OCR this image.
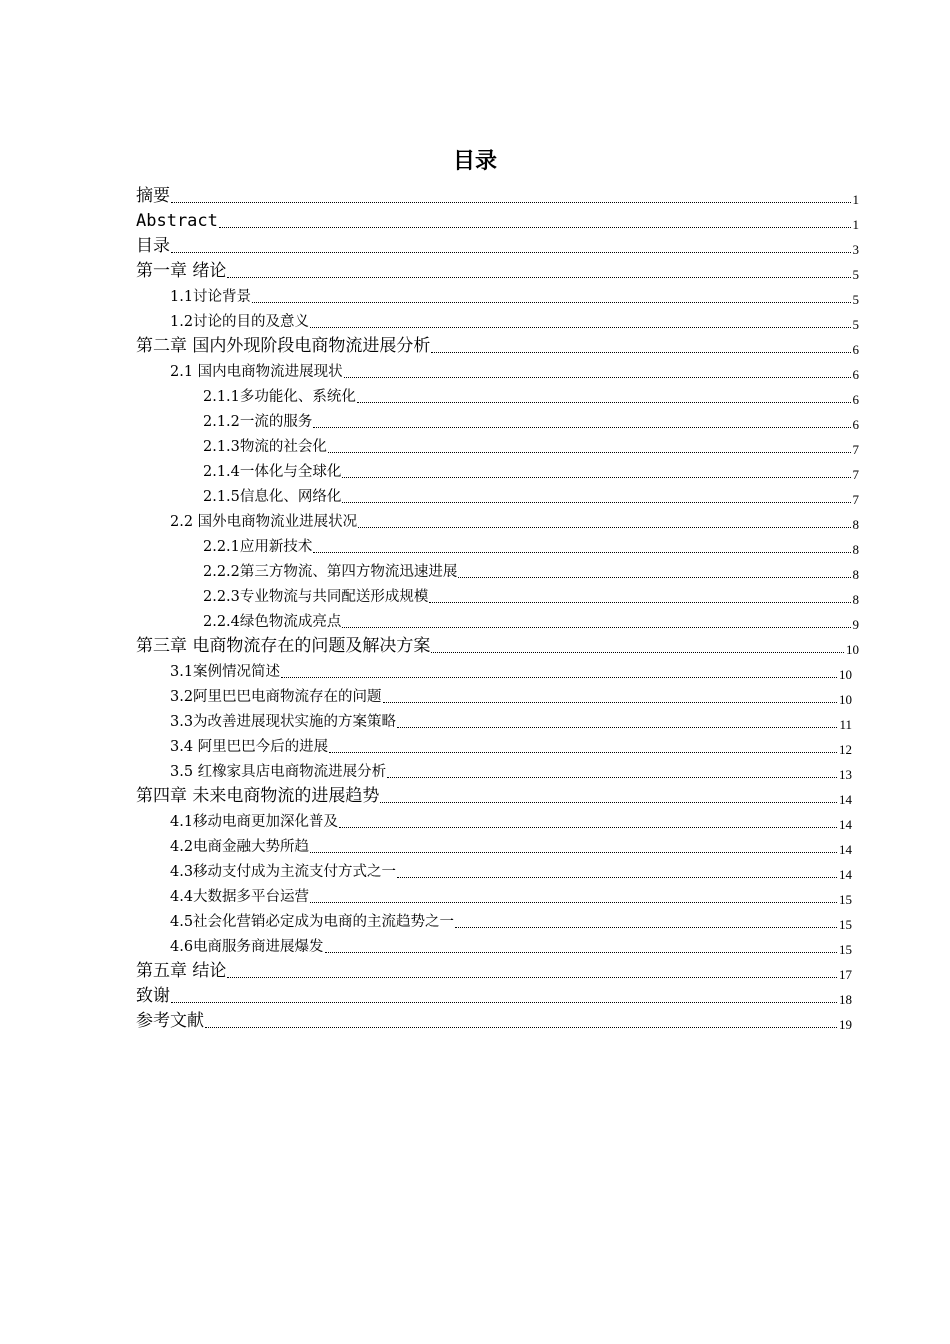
目录
摘要	1
Abstract	1
目录	3
第一章 绪论	5
1.1讨论背景	5
1.2讨论的目的及意义	5
第二章 国内外现阶段电商物流进展分析	6
2.1 国内电商物流进展现状	6
2.1.1多功能化、系统化	6
2.1.2一流的服务	6
2.1.3物流的社会化	7
2.1.4一体化与全球化	7
2.1.5信息化、网络化	7
2.2 国外电商物流业进展状况	8
2.2.1应用新技术	8
2.2.2第三方物流、第四方物流迅速进展	8
2.2.3专业物流与共同配送形成规模	8
2.2.4绿色物流成亮点	9
第三章 电商物流存在的问题及解决方案	10
3.1案例情况简述	10
3.2阿里巴巴电商物流存在的问题	10
3.3为改善进展现状实施的方案策略	11
3.4 阿里巴巴今后的进展	12
3.5 红橡家具店电商物流进展分析	13
第四章 未来电商物流的进展趋势	14
4.1移动电商更加深化普及	14
4.2电商金融大势所趋	14
4.3移动支付成为主流支付方式之一	14
4.4大数据多平台运营	15
4.5社会化营销必定成为电商的主流趋势之一	15
4.6电商服务商进展爆发	15
第五章 结论	17
致谢	18
参考文献	19
